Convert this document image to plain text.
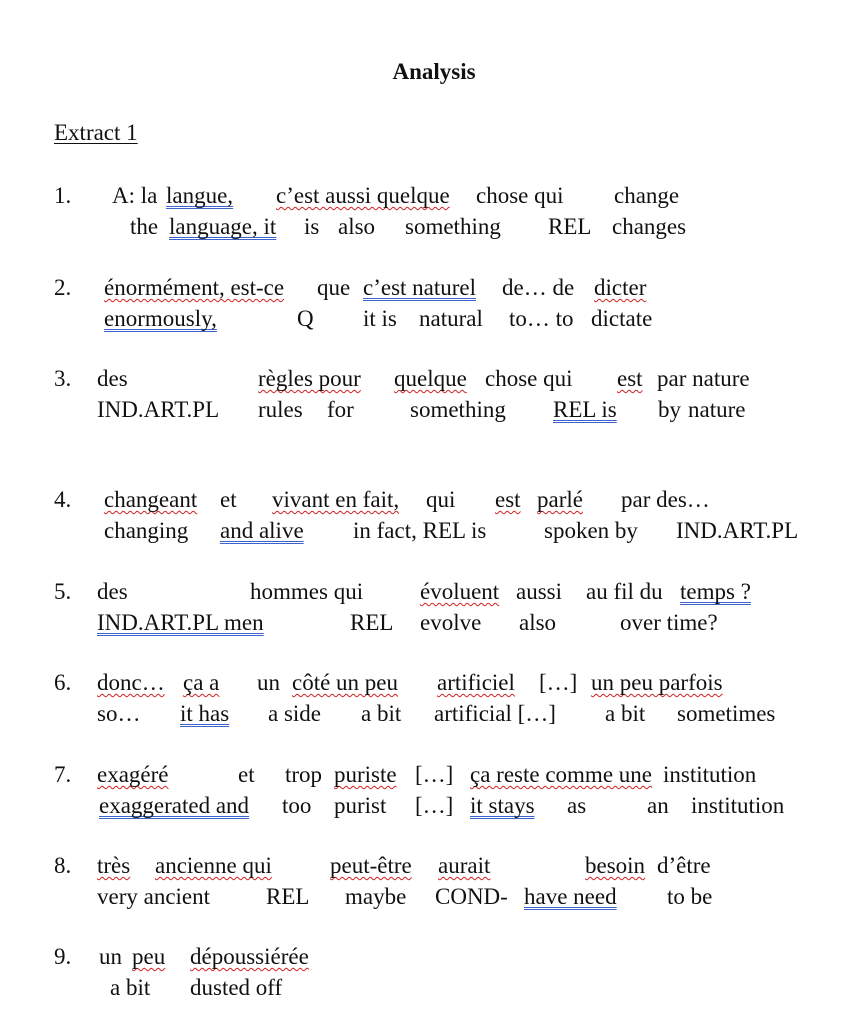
Analysis
Extract 1
1. A: la langue, c’est aussi quelque chose qui change
the language, it is also something REL changes
2. énormément, est-ce que c’est naturel de… de dicter
enormously,	Q it is natural to… to dictate
3. des	règles pour quelque chose qui est par nature
IND.ART.PL rules for something REL is by nature
4. changeant et vivant en fait, qui est parlé par des…
changing and alive in fact, REL is	spoken by IND.ART.PL
5. des	hommes qui évoluent aussi au fil du temps ?
IND.ART.PL men	REL evolve also	over time?
6. donc… ça a un côté un peu artificiel […] un peu parfois
so… it has a side a bit artificial […] a bit sometimes
7. exagéré	et trop puriste […] ça reste comme une institution
exaggerated and too purist […] it stays as	an institution
8. très ancienne qui	peut-être aurait	besoin d’être
very ancient REL maybe COND- have need to be
9. un peu dépoussiérée
a bit dusted off
